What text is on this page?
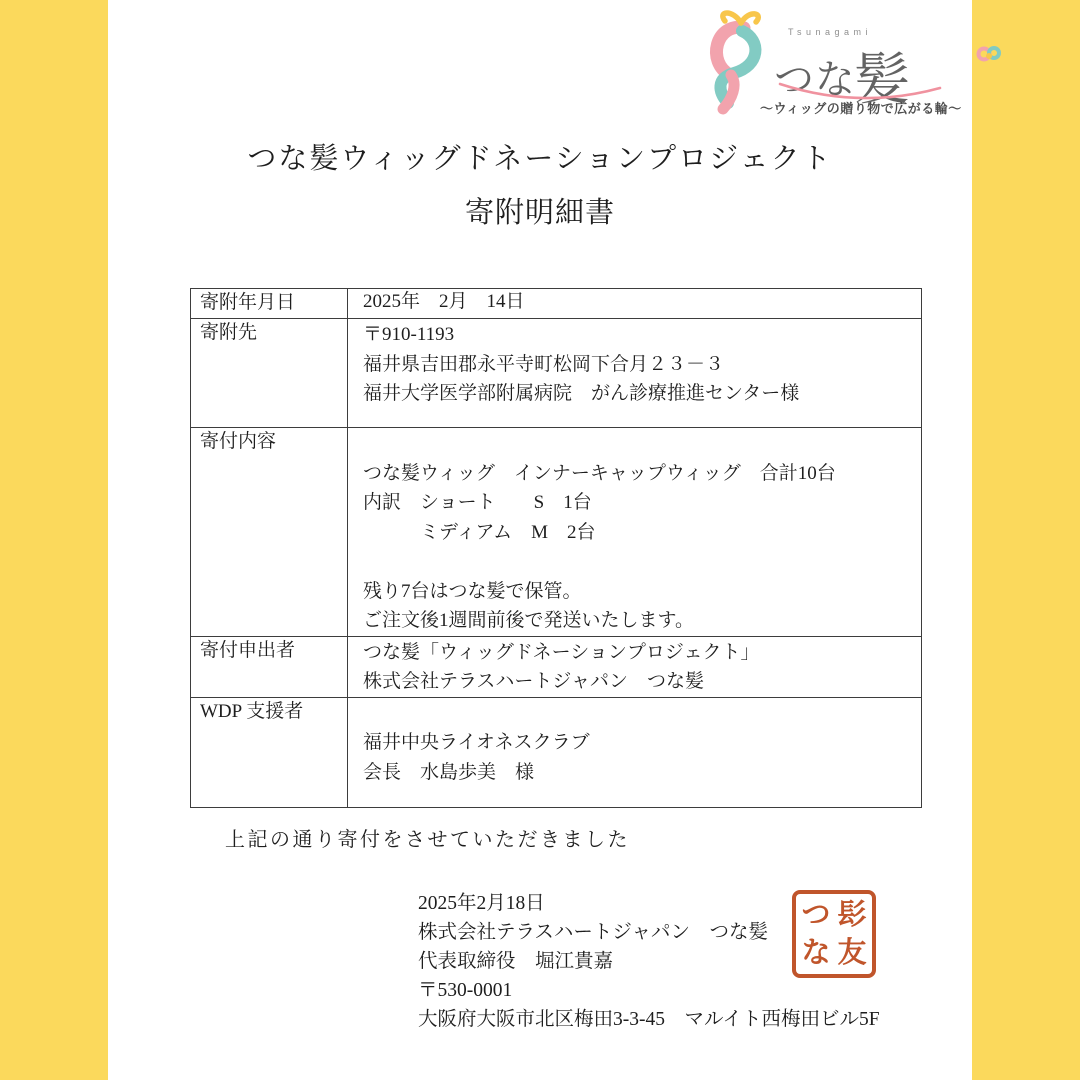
Tsunagami
つな髪
〜ウィッグの贈り物で広がる輪〜
つな髪ウィッグドネーションプロジェクト
寄附明細書
寄附年月日	2025年　2月　14日

寄附先	〒910-1193
福井県吉田郡永平寺町松岡下合月２３－３
福井大学医学部附属病院　がん診療推進センター様

寄付内容	つな髪ウィッグ　インナーキャップウィッグ　合計10台
内訳　ショート　　S　1台
　　　ミディアム　M　2台
残り7台はつな髪で保管。
ご注文後1週間前後で発送いたします。

寄付申出者	つな髪「ウィッグドネーションプロジェクト」
株式会社テラスハートジャパン　つな髪

WDP 支援者	福井中央ライオネスクラブ
会長　水島歩美　様
上記の通り寄付をさせていただきました
2025年2月18日
株式会社テラスハートジャパン　つな髪
代表取締役　堀江貴嘉
〒530-0001
大阪府大阪市北区梅田3-3-45　マルイト西梅田ビル5F
つ 髟
な 友
